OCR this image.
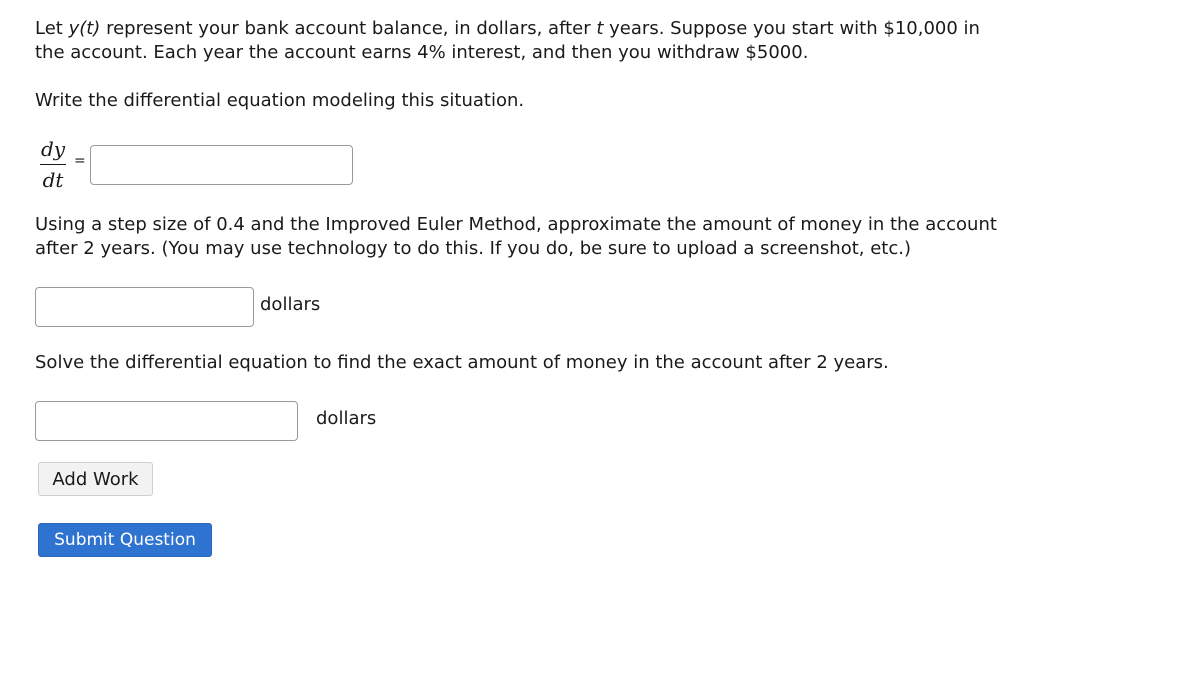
Let y(t) represent your bank account balance, in dollars, after t years. Suppose you start with $10,000 in
the account. Each year the account earns 4% interest, and then you withdraw $5000.
Write the differential equation modeling this situation.
dy
dt
=
Using a step size of 0.4 and the Improved Euler Method, approximate the amount of money in the account
after 2 years. (You may use technology to do this. If you do, be sure to upload a screenshot, etc.)
dollars
Solve the differential equation to find the exact amount of money in the account after 2 years.
dollars
Add Work
Submit Question
